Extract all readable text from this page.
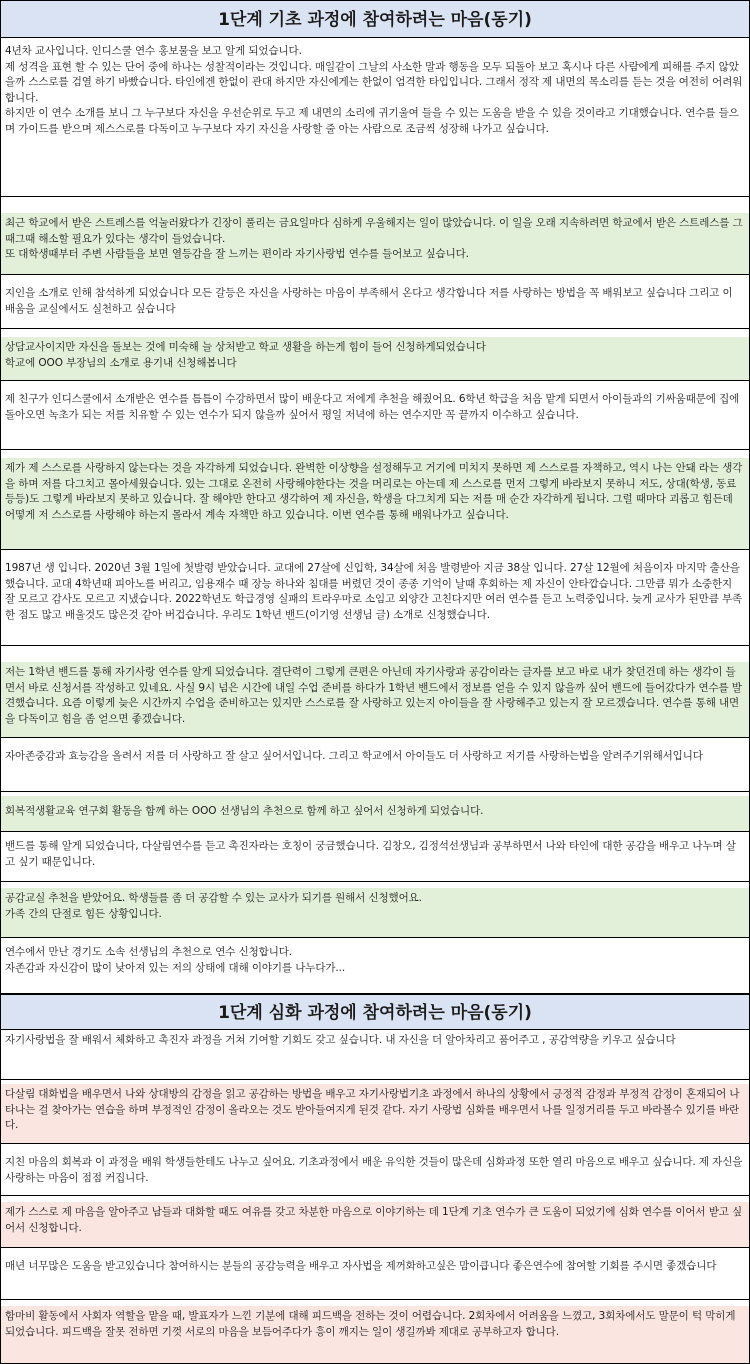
1단계 기초 과정에 참여하려는 마음(동기)

4년차 교사입니다. 인디스쿨 연수 홍보물을 보고 알게 되었습니다.

제 성격을 표현 할 수 있는 단어 중에 하나는 성찰적이라는 것입니다. 매일같이 그날의 사소한 말과 행동을 모두 되돌아 보고 혹시나 다른 사람에게 피해를 주지 않았을까 스스로를 검열 하기 바빴습니다. 타인에겐 한없이 관대 하지만 자신에게는 한없이 엄격한 타입입니다. 그래서 정작 제 내면의 목소리를 듣는 것을 여전히 어려워합니다.

하지만 이 연수 소개를 보니 그 누구보다 자신을 우선순위로 두고 제 내면의 소리에 귀기울여 들을 수 있는 도움을 받을 수 있을 것이라고 기대했습니다. 연수를 들으며 가이드를 받으며 제스스로를 다독이고 누구보다 자기 자신을 사랑할 줄 아는 사람으로 조금씩 성장해 나가고 싶습니다.

최근 학교에서 받은 스트레스를 억눌러왔다가 긴장이 풀리는 금요일마다 심하게 우울해지는 일이 많았습니다. 이 일을 오래 지속하려면 학교에서 받은 스트레스를 그때그때 해소할 필요가 있다는 생각이 들었습니다.

또 대학생때부터 주변 사람들을 보면 열등감을 잘 느끼는 편이라 자기사랑법 연수를 들어보고 싶습니다.

지인을 소개로 인해 참석하게 되었습니다 모든 갈등은 자신을 사랑하는 마음이 부족해서 온다고 생각합니다 저를 사랑하는 방법을 꼭 배워보고 싶습니다 그리고 이 배움을 교실에서도 실천하고 싶습니다

상담교사이지만 자신을 돌보는 것에 미숙해 늘 상처받고 학교 생활을 하는게 힘이 들어 신청하게되었습니다

학교에 OOO 부장님의 소개로 용기내 신청해봅니다

제 친구가 인디스쿨에서 소개받은 연수를 틈틈이 수강하면서 많이 배운다고 저에게 추천을 해줬어요. 6학년 학급을 처음 맡게 되면서 아이들과의 기싸움때문에 집에 돌아오면 녹초가 되는 저를 치유할 수 있는 연수가 되지 않을까 싶어서 평일 저녁에 하는 연수지만 꼭 끝까지 이수하고 싶습니다.

제가 제 스스로를 사랑하지 않는다는 것을 자각하게 되었습니다. 완벽한 이상향을 설정해두고 거기에 미치지 못하면 제 스스로를 자책하고, 역시 나는 안돼 라는 생각을 하며 저를 다그치고 몰아세웠습니다. 있는 그대로 온전히 사랑해야한다는 것을 머리로는 아는데 제 스스로를 먼저 그렇게 바라보지 못하니 저도, 상대(학생, 동료 등등)도 그렇게 바라보지 못하고 있습니다. 잘 해야만 한다고 생각하여 제 자신을, 학생을 다그치게 되는 저를 매 순간 자각하게 됩니다. 그럴 때마다 괴롭고 힘든데 어떻게 저 스스로를 사랑해야 하는지 몰라서 계속 자책만 하고 있습니다. 이번 연수를 통해 배워나가고 싶습니다.

1987년 생 입니다. 2020년 3월 1일에 첫발령 받았습니다. 교대에 27살에 신입학, 34살에 처음 발령받아 지금 38살 입니다. 27살 12월에 처음이자 마지막 출산을 했습니다. 교대 4학년때 피아노를 버리고, 임용재수 때 장능 하나와 침대를 버렸던 것이 종종 기억이 날때 후회하는 제 자신이 안타깝습니다. 그만큼 뭐가 소중한지 잘 모르고 감사도 모르고 지냈습니다. 2022학년도 학급경영 실패의 트라우마로 소임고 외양간 고친다지만 여러 연수를 듣고 노력중입니다. 늦게 교사가 된만큼 부족한 점도 많고 배울것도 많은것 같아 버겁습니다. 우리도 1학년 밴드(이기영 선생님 글) 소개로 신청했습니다.

저는 1학년 밴드를 통해 자기사랑 연수를 알게 되었습니다. 결단력이 그렇게 큰편은 아닌데 자기사랑과 공감이라는 글자를 보고 바로 내가 찾던건데 하는 생각이 들면서 바로 신청서를 작성하고 있네요. 사실 9시 넘은 시간에 내일 수업 준비를 하다가 1학년 밴드에서 정보를 얻을 수 있지 않을까 싶어 밴드에 들어갔다가 연수를 발견했습니다. 요즘 이렇게 늦은 시간까지 수업을 준비하고는 있지만 스스로를 잘 사랑하고 있는지 아이들을 잘 사랑해주고 있는지 잘 모르겠습니다. 연수를 통해 내면을 다독이고 힘을 좀 얻으면 좋겠습니다.

자아존중감과 효능감을 올려서 저를 더 사랑하고 잘 살고 싶어서입니다. 그리고 학교에서 아이들도 더 사랑하고 저기를 사랑하는법을 알려주기위해서입니다

회복적생활교육 연구회 활동을 함께 하는 OOO 선생님의 추천으로 함께 하고 싶어서 신청하게 되었습니다.

밴드를 통해 알게 되었습니다, 다살림연수를 듣고 촉진자라는 호칭이 궁금했습니다. 김창오, 김정석선생님과 공부하면서 나와 타인에 대한 공감을 배우고 나누며 살고 싶기 때문입니다.

공감교실 추천을 받았어요. 학생들를 좀 더 공감할 수 있는 교사가 되기를 원해서 신청했어요.

가족 간의 단절로 힘든 상황입니다.

연수에서 만난 경기도 소속 선생님의 추천으로 연수 신청합니다.

자존감과 자신감이 많이 낮아져 있는 저의 상태에 대해 이야기를 나누다가...

1단계 심화 과정에 참여하려는 마음(동기)

자기사랑법을 잘 배워서 체화하고 촉진자 과정을 거쳐 기여할 기회도 갖고 싶습니다. 내 자신을 더 알아차리고 품어주고 , 공감역량을 키우고 싶습니다

다살림 대화법을 배우면서 나와 상대방의 감정을 읽고 공감하는 방법을 배우고 자기사랑법기초 과정에서 하나의 상황에서 긍정적 감정과 부정적 감정이 혼재되어 나타나는 걸 찾아가는 연습을 하며 부정적인 감정이 올라오는 것도 받아들여지게 된것 같다. 자기 사랑법 심화를 배우면서 나를 일정거리를 두고 바라볼수 있기를 바란다.

지친 마음의 회복과 이 과정을 배워 학생들한테도 나누고 싶어요. 기초과정에서 배운 유익한 것들이 많은데 심화과정 또한 열리 마음으로 배우고 싶습니다. 제 자신을 사랑하는 마음이 점점 커집니다.

제가 스스로 제 마음을 알아주고 남들과 대화할 때도 여유를 갖고 차분한 마음으로 이야기하는 데 1단계 기초 연수가 큰 도움이 되었기에 심화 연수를 이어서 받고 싶어서 신청합니다.

매년 너무많은 도움을 받고있습니다 참여하시는 분들의 공감능력을 배우고 자사법을 제꺼화하고싶은 맘이큽니다 좋은연수에 참여할 기회를 주시면 좋겠습니다

함마비 활동에서 사회자 역할을 맡을 때, 발표자가 느낀 기분에 대해 피드백을 전하는 것이 어렵습니다. 2회차에서 어려움을 느꼈고, 3회차에서도 말문이 턱 막히게 되었습니다. 피드백을 잘못 전하면 기껏 서로의 마음을 보듬어주다가 흥이 깨지는 일이 생길까봐 제대로 공부하고자 합니다.
